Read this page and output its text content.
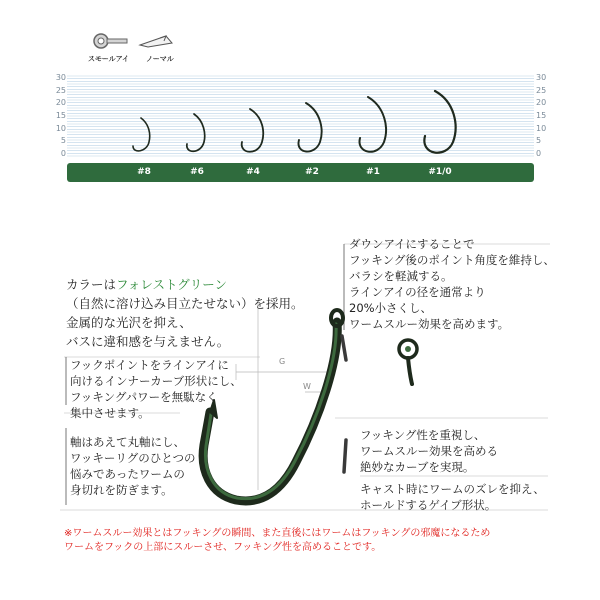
スモールアイ ノーマル
30
25
20
15
10
5
0
30
25
20
15
10
5
0
#8	#6	#4	#2	#1	#1/0
G
W
カラーはフォレストグリーン
（自然に溶け込み目立たせない）を採用。
金属的な光沢を抑え、
バスに違和感を与えません。
ダウンアイにすることで
フッキング後のポイント角度を維持し、
バラシを軽減する。
ラインアイの径を通常より
20%小さくし、
ワームスルー効果を高めます。
フックポイントをラインアイに
向けるインナーカーブ形状にし、
フッキングパワーを無駄なく
集中させます。
軸はあえて丸軸にし、
ワッキーリグのひとつの
悩みであったワームの
身切れを防ぎます。
フッキング性を重視し、
ワームスルー効果を高める
絶妙なカーブを実現。
キャスト時にワームのズレを抑え、
ホールドするゲイブ形状。
※ワームスルー効果とはフッキングの瞬間、また直後にはワームはフッキングの邪魔になるため
ワームをフックの上部にスルーさせ、フッキング性を高めることです。
